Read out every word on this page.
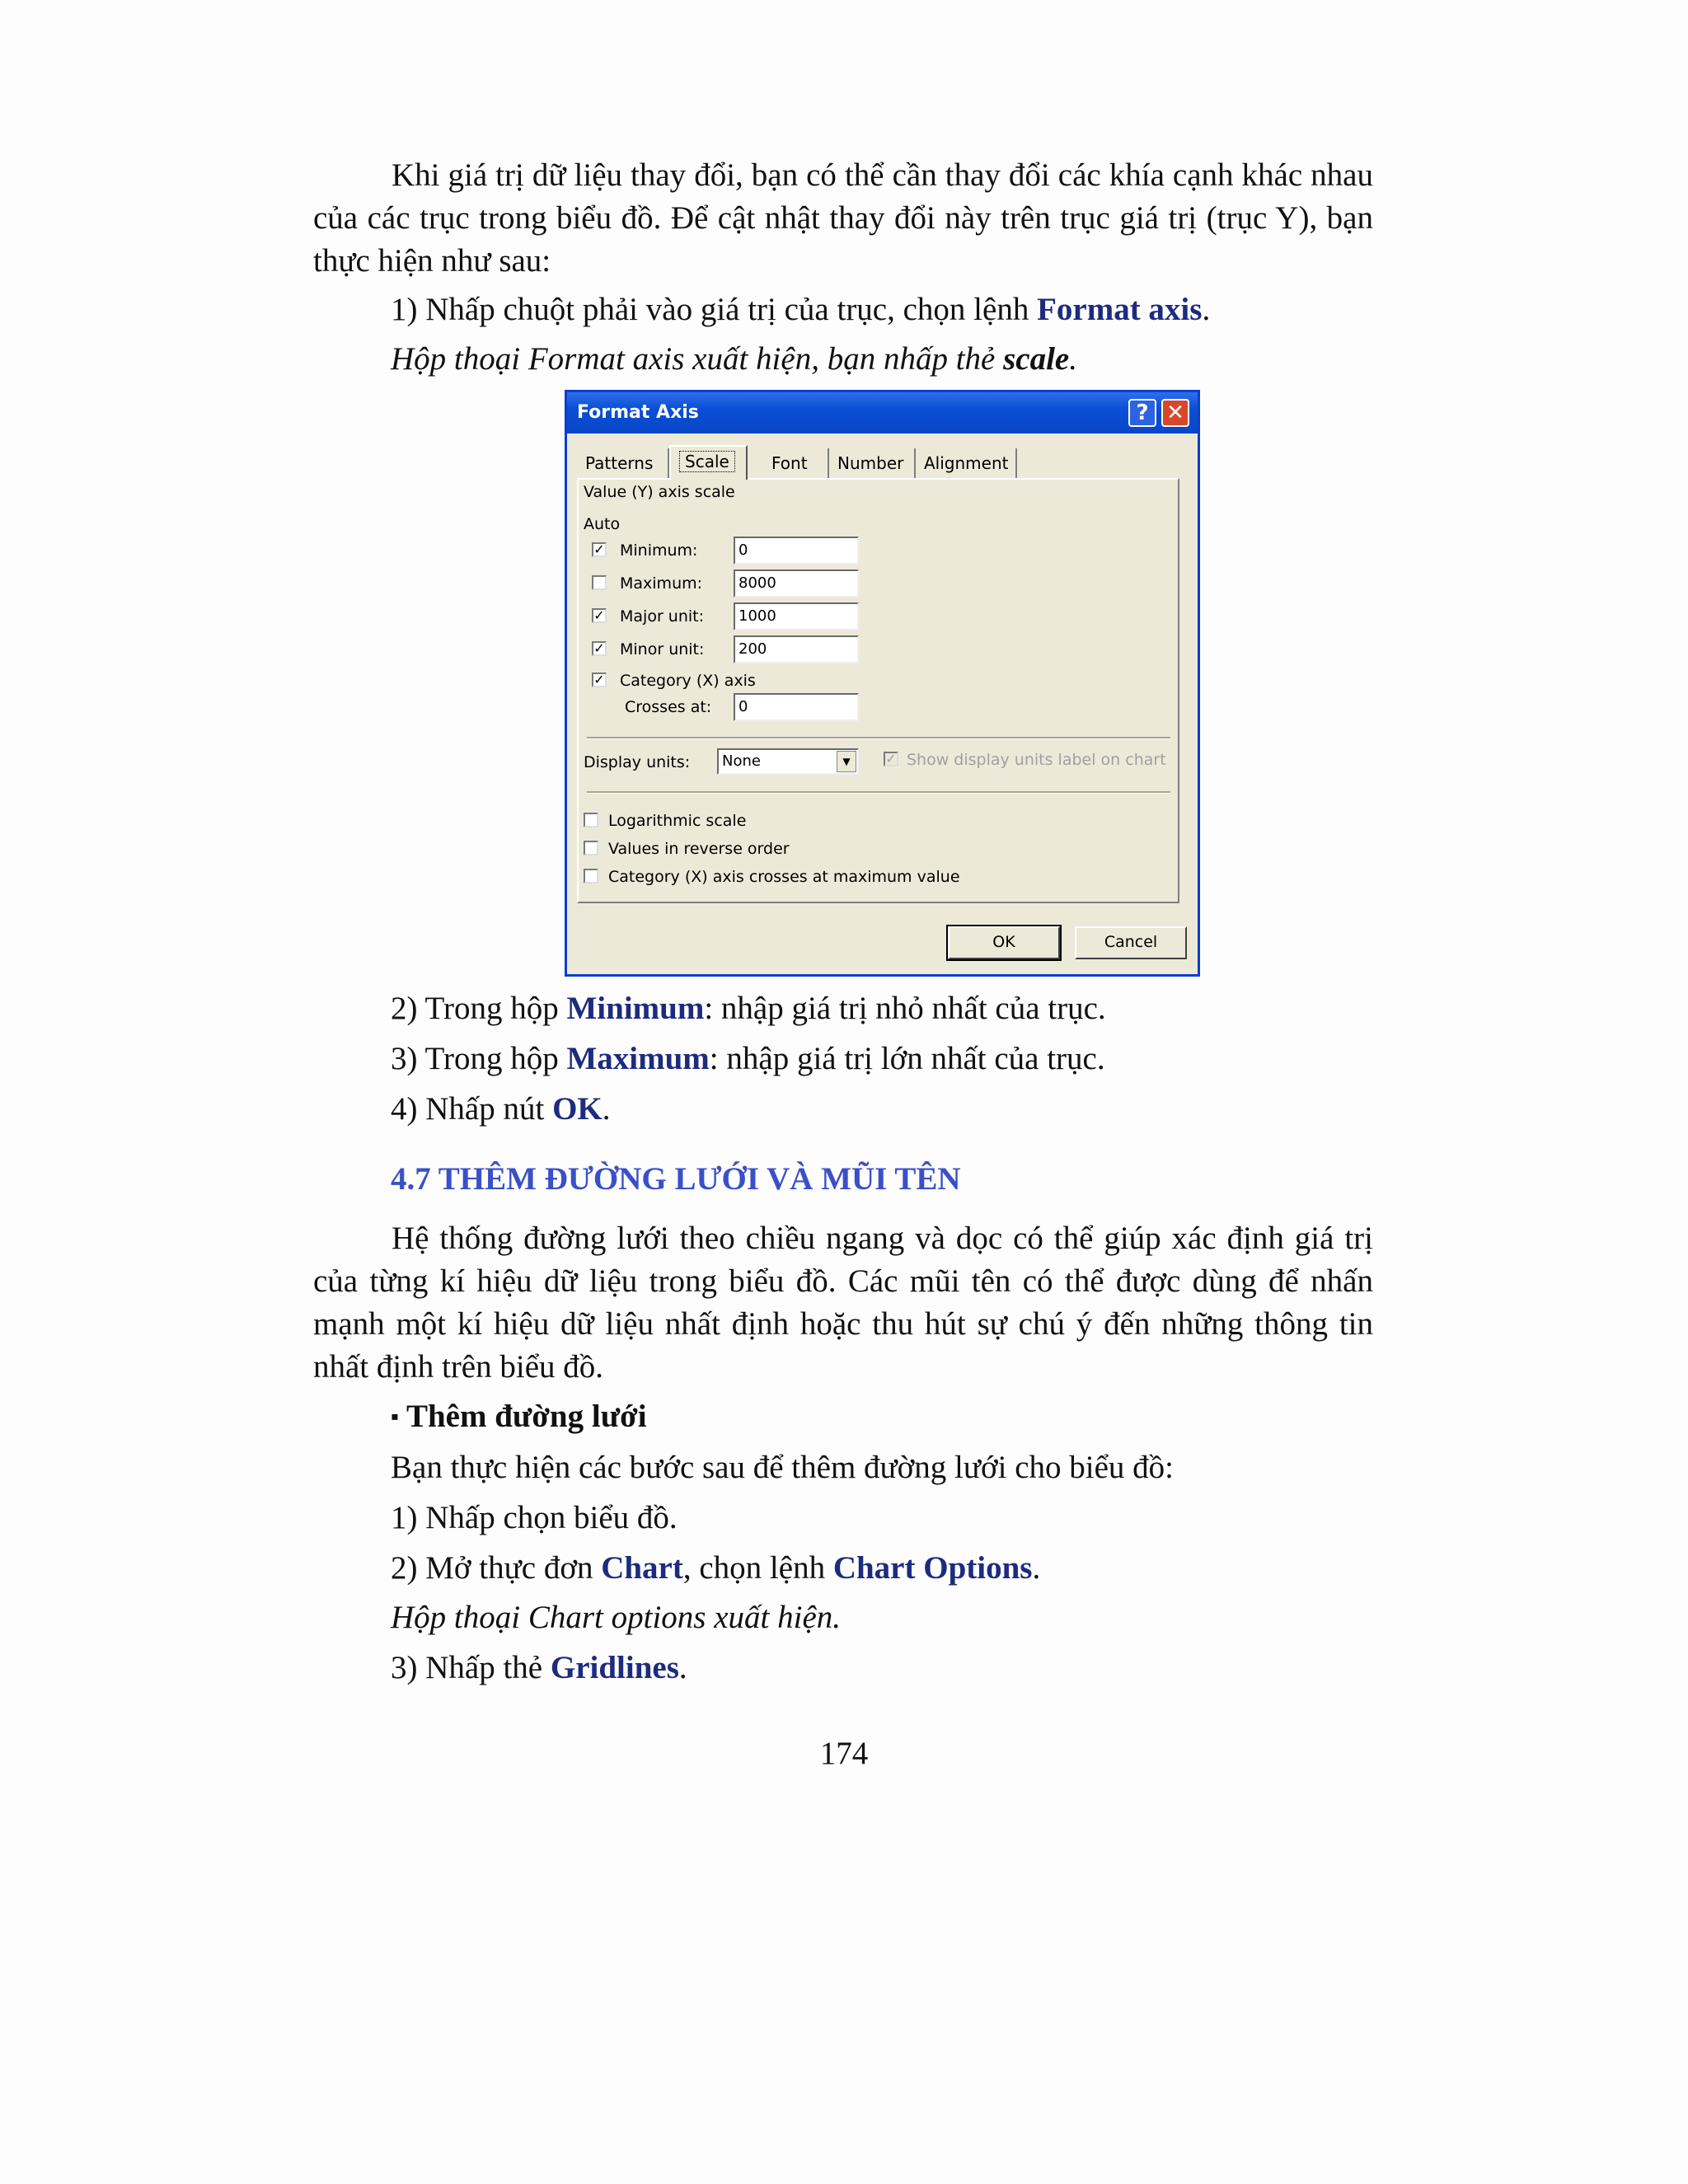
Khi giá trị dữ liệu thay đổi, bạn có thể cần thay đổi các khía cạnh khác nhau của các trục trong biểu đồ. Để cật nhật thay đổi này trên trục giá trị (trục Y), bạn thực hiện như sau:

1) Nhấp chuột phải vào giá trị của trục, chọn lệnh Format axis.
Hộp thoại Format axis xuất hiện, bạn nhấp thẻ scale.
Format Axis	? ✕
Patterns	Scale	Font	Number	Alignment
Value (Y) axis scale
Auto
✓ Minimum:	0
Maximum:	8000
✓ Major unit:	1000
✓ Minor unit:	200
✓ Category (X) axis
Crosses at:	0
Display units:	None	▼	✓ Show display units label on chart
Logarithmic scale
Values in reverse order
Category (X) axis crosses at maximum value
OK	Cancel
2) Trong hộp Minimum: nhập giá trị nhỏ nhất của trục.
3) Trong hộp Maximum: nhập giá trị lớn nhất của trục.
4) Nhấp nút OK.
4.7 THÊM ĐƯỜNG LƯỚI VÀ MŨI TÊN

Hệ thống đường lưới theo chiều ngang và dọc có thể giúp xác định giá trị của từng kí hiệu dữ liệu trong biểu đồ. Các mũi tên có thể được dùng để nhấn mạnh một kí hiệu dữ liệu nhất định hoặc thu hút sự chú ý đến những thông tin nhất định trên biểu đồ.

▪ Thêm đường lưới
Bạn thực hiện các bước sau để thêm đường lưới cho biểu đồ:
1) Nhấp chọn biểu đồ.
2) Mở thực đơn Chart, chọn lệnh Chart Options.
Hộp thoại Chart options xuất hiện.
3) Nhấp thẻ Gridlines.
174
